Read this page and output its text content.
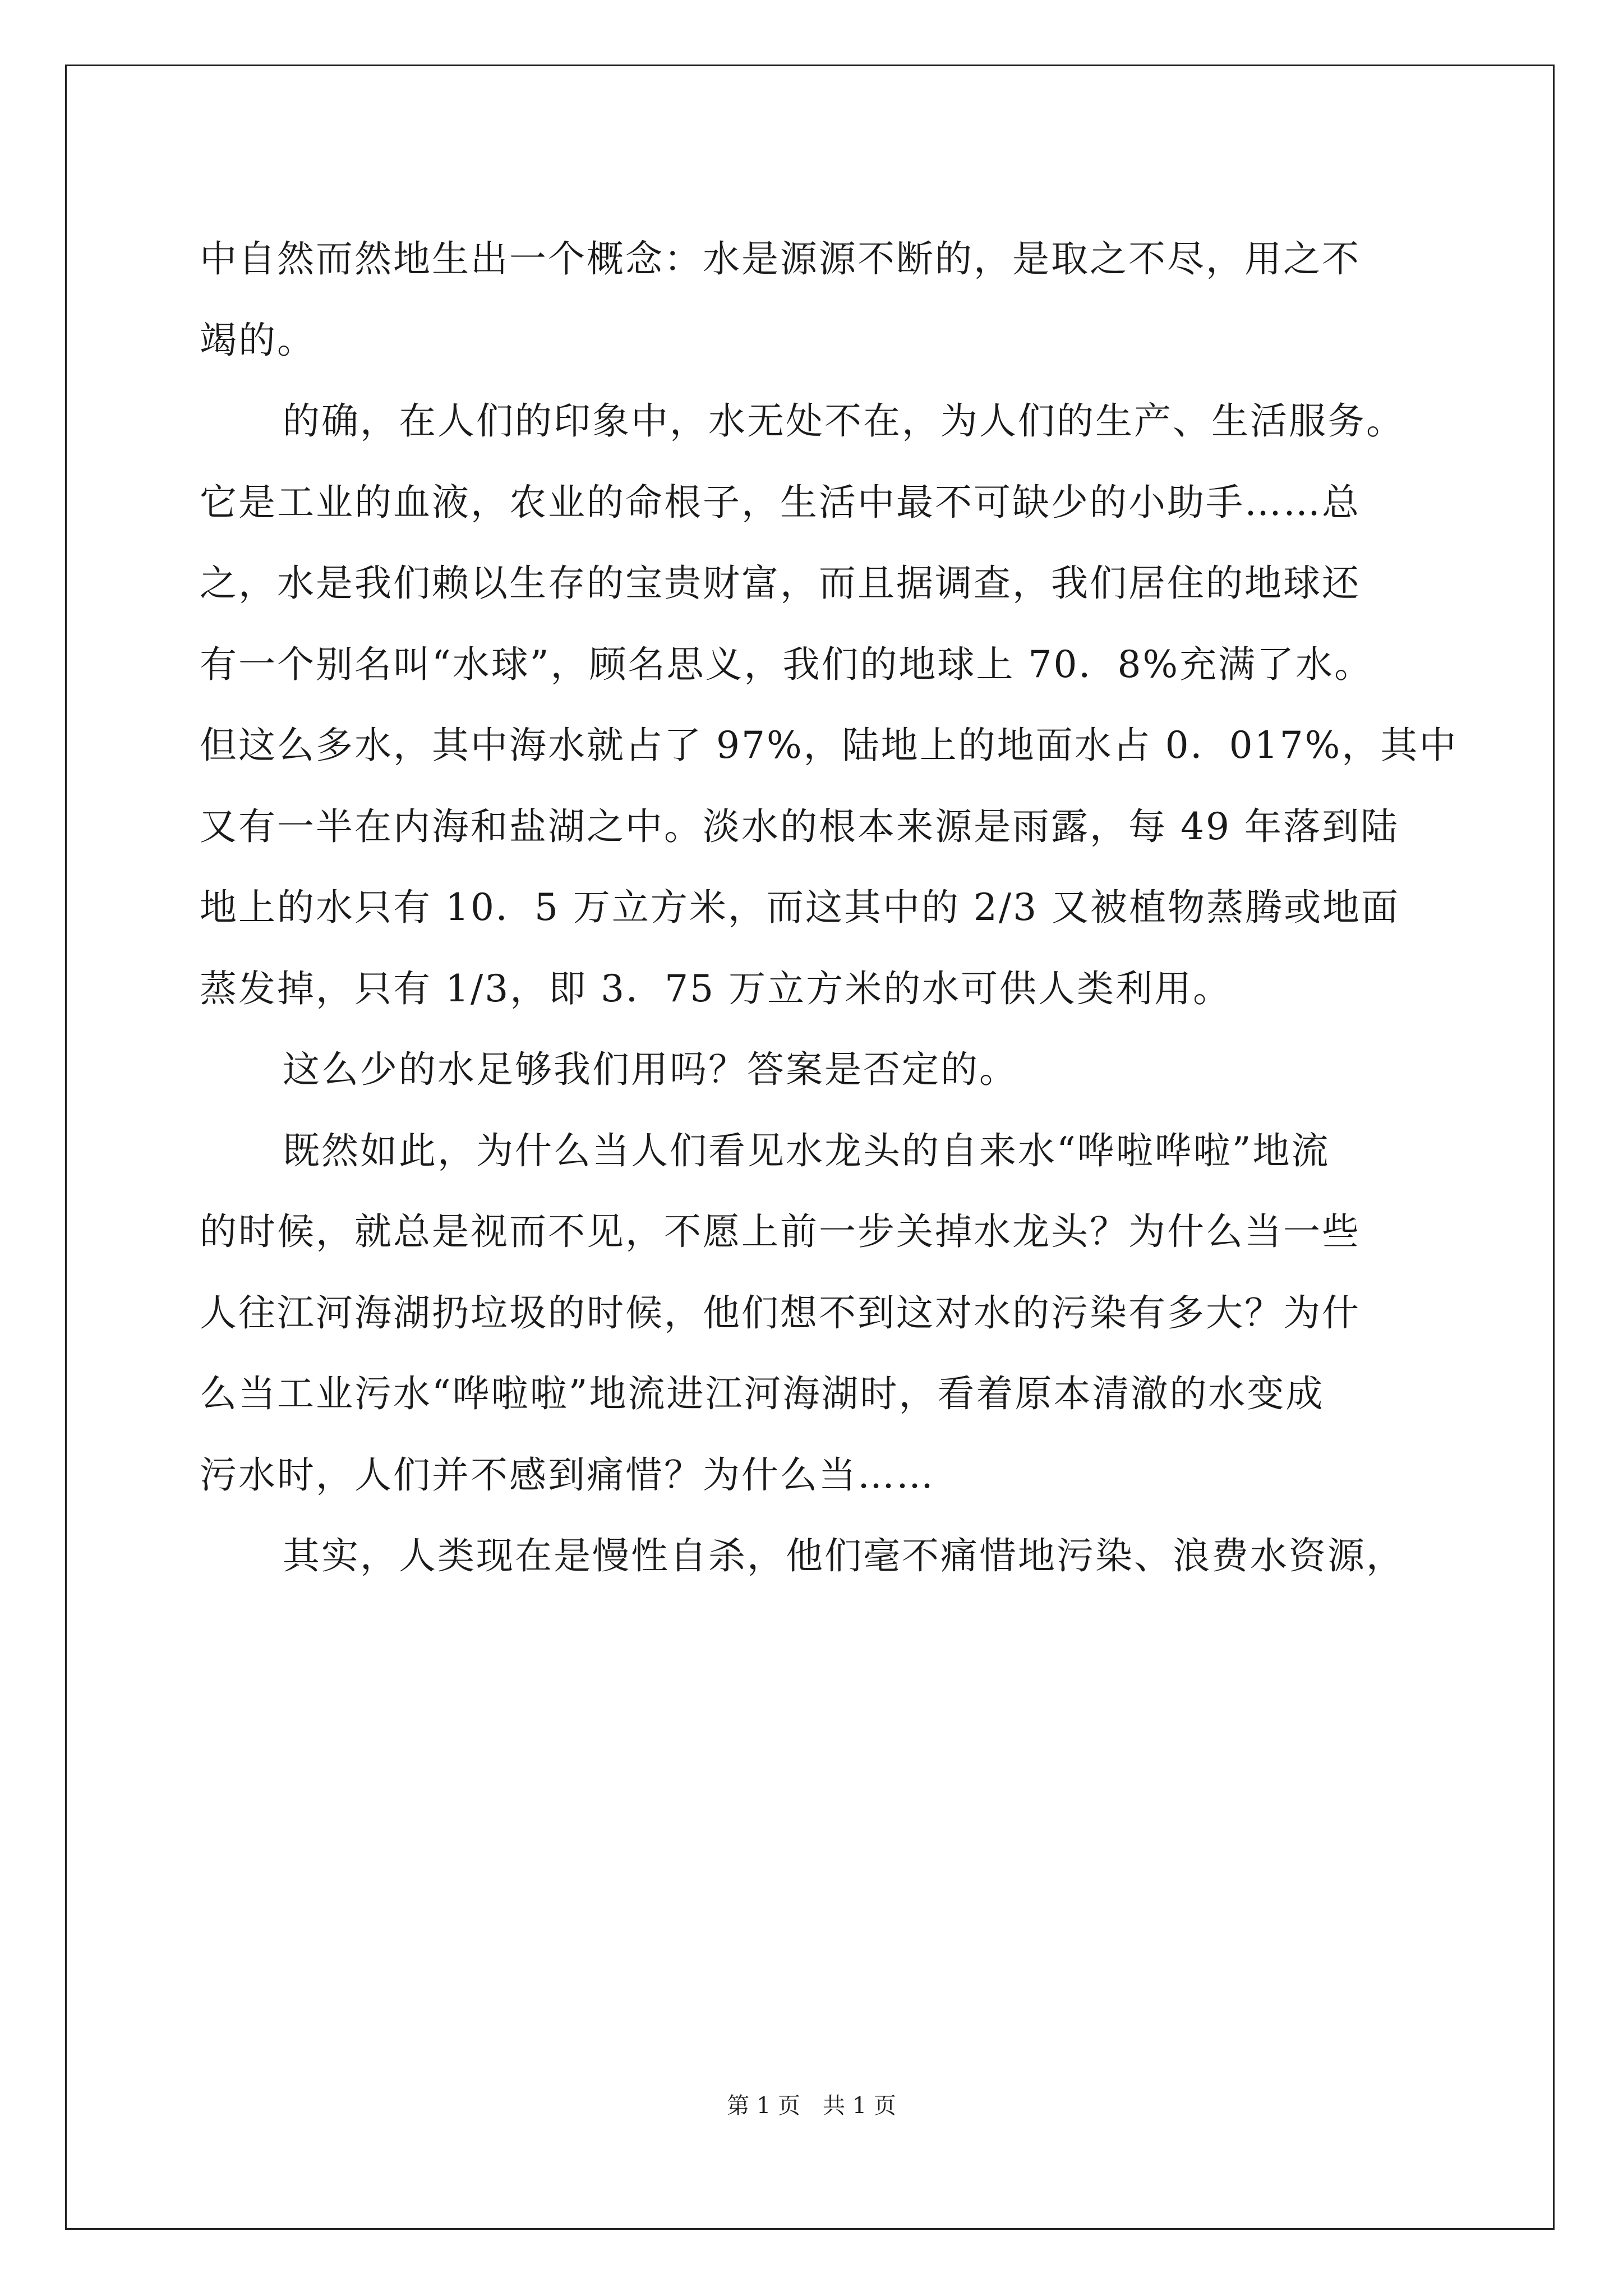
中自然而然地生出一个概念：水是源源不断的，是取之不尽，用之不
竭的。
的确，在人们的印象中，水无处不在，为人们的生产、生活服务。
它是工业的血液，农业的命根子，生活中最不可缺少的小助手……总
之，水是我们赖以生存的宝贵财富，而且据调查，我们居住的地球还
有一个别名叫“水球”，顾名思义，我们的地球上 70．8%充满了水。
但这么多水，其中海水就占了 97%，陆地上的地面水占 0．017%，其中
又有一半在内海和盐湖之中。淡水的根本来源是雨露，每 49 年落到陆
地上的水只有 10．5 万立方米，而这其中的 2/3 又被植物蒸腾或地面
蒸发掉，只有 1/3，即 3．75 万立方米的水可供人类利用。
这么少的水足够我们用吗？答案是否定的。
既然如此，为什么当人们看见水龙头的自来水“哗啦哗啦”地流
的时候，就总是视而不见，不愿上前一步关掉水龙头？为什么当一些
人往江河海湖扔垃圾的时候，他们想不到这对水的污染有多大？为什
么当工业污水“哗啦啦”地流进江河海湖时，看着原本清澈的水变成
污水时，人们并不感到痛惜？为什么当……
其实，人类现在是慢性自杀，他们毫不痛惜地污染、浪费水资源，
第 1 页　共 1 页
